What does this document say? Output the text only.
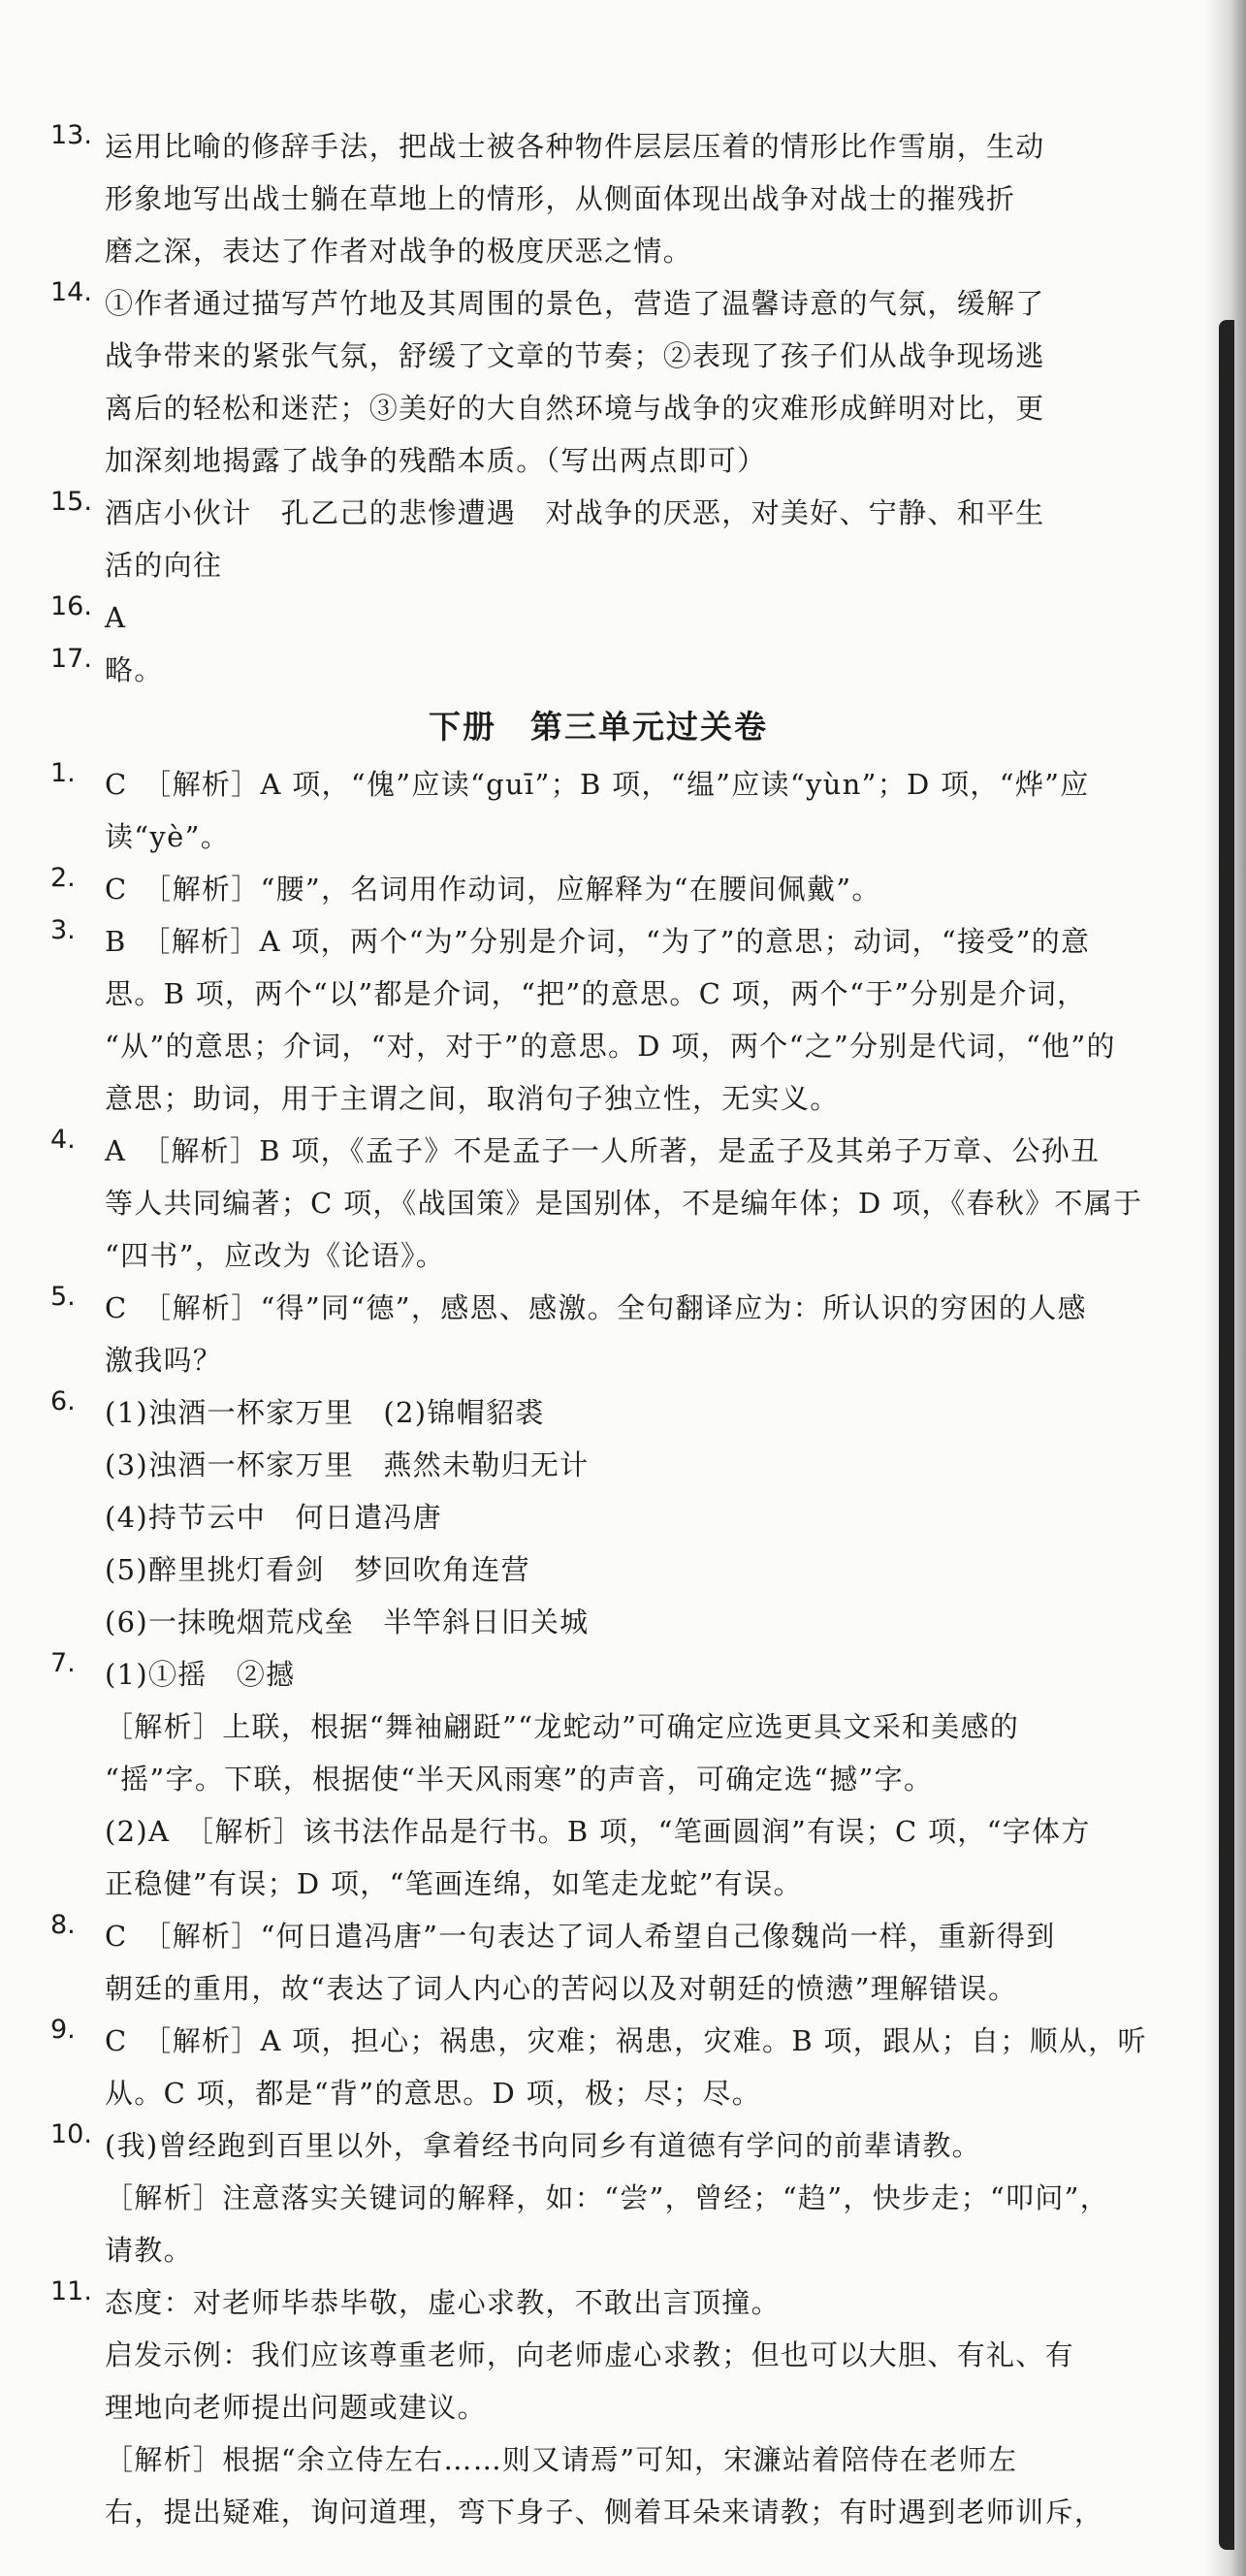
13. 运用比喻的修辞手法，把战士被各种物件层层压着的情形比作雪崩，生动
形象地写出战士躺在草地上的情形，从侧面体现出战争对战士的摧残折
磨之深，表达了作者对战争的极度厌恶之情。
14. ①作者通过描写芦竹地及其周围的景色，营造了温馨诗意的气氛，缓解了
战争带来的紧张气氛，舒缓了文章的节奏；②表现了孩子们从战争现场逃
离后的轻松和迷茫；③美好的大自然环境与战争的灾难形成鲜明对比，更
加深刻地揭露了战争的残酷本质。（写出两点即可）
15. 酒店小伙计　孔乙己的悲惨遭遇　对战争的厌恶，对美好、宁静、和平生
活的向往
16. A
17. 略。
下册　第三单元过关卷
1.	C　［解析］A 项，“傀”应读“guī”；B 项，“缊”应读“yùn”；D 项，“烨”应
读“yè”。
2.	C　［解析］“腰”，名词用作动词，应解释为“在腰间佩戴”。
3.	B　［解析］A 项，两个“为”分别是介词，“为了”的意思；动词，“接受”的意
思。B 项，两个“以”都是介词，“把”的意思。C 项，两个“于”分别是介词，
“从”的意思；介词，“对，对于”的意思。D 项，两个“之”分别是代词，“他”的
意思；助词，用于主谓之间，取消句子独立性，无实义。
4.	A　［解析］B 项，《孟子》不是孟子一人所著，是孟子及其弟子万章、公孙丑
等人共同编著；C 项，《战国策》是国别体，不是编年体；D 项，《春秋》不属于
“四书”，应改为《论语》。
5.	C　［解析］“得”同“德”，感恩、感激。全句翻译应为：所认识的穷困的人感
激我吗？
6.	(1)浊酒一杯家万里　(2)锦帽貂裘
(3)浊酒一杯家万里　燕然未勒归无计
(4)持节云中　何日遣冯唐
(5)醉里挑灯看剑　梦回吹角连营
(6)一抹晚烟荒戍垒　半竿斜日旧关城
7.	(1)①摇　②撼
［解析］上联，根据“舞袖翩跹”“龙蛇动”可确定应选更具文采和美感的
“摇”字。下联，根据使“半天风雨寒”的声音，可确定选“撼”字。
(2)A　［解析］该书法作品是行书。B 项，“笔画圆润”有误；C 项，“字体方
正稳健”有误；D 项，“笔画连绵，如笔走龙蛇”有误。
8.	C　［解析］“何日遣冯唐”一句表达了词人希望自己像魏尚一样，重新得到
朝廷的重用，故“表达了词人内心的苦闷以及对朝廷的愤懑”理解错误。
9.	C　［解析］A 项，担心；祸患，灾难；祸患，灾难。B 项，跟从；自；顺从，听
从。C 项，都是“背”的意思。D 项，极；尽；尽。
10. (我)曾经跑到百里以外，拿着经书向同乡有道德有学问的前辈请教。
［解析］注意落实关键词的解释，如：“尝”，曾经；“趋”，快步走；“叩问”，
请教。
11. 态度：对老师毕恭毕敬，虚心求教，不敢出言顶撞。
启发示例：我们应该尊重老师，向老师虚心求教；但也可以大胆、有礼、有
理地向老师提出问题或建议。
［解析］根据“余立侍左右……则又请焉”可知，宋濂站着陪侍在老师左
右，提出疑难，询问道理，弯下身子、侧着耳朵来请教；有时遇到老师训斥，
